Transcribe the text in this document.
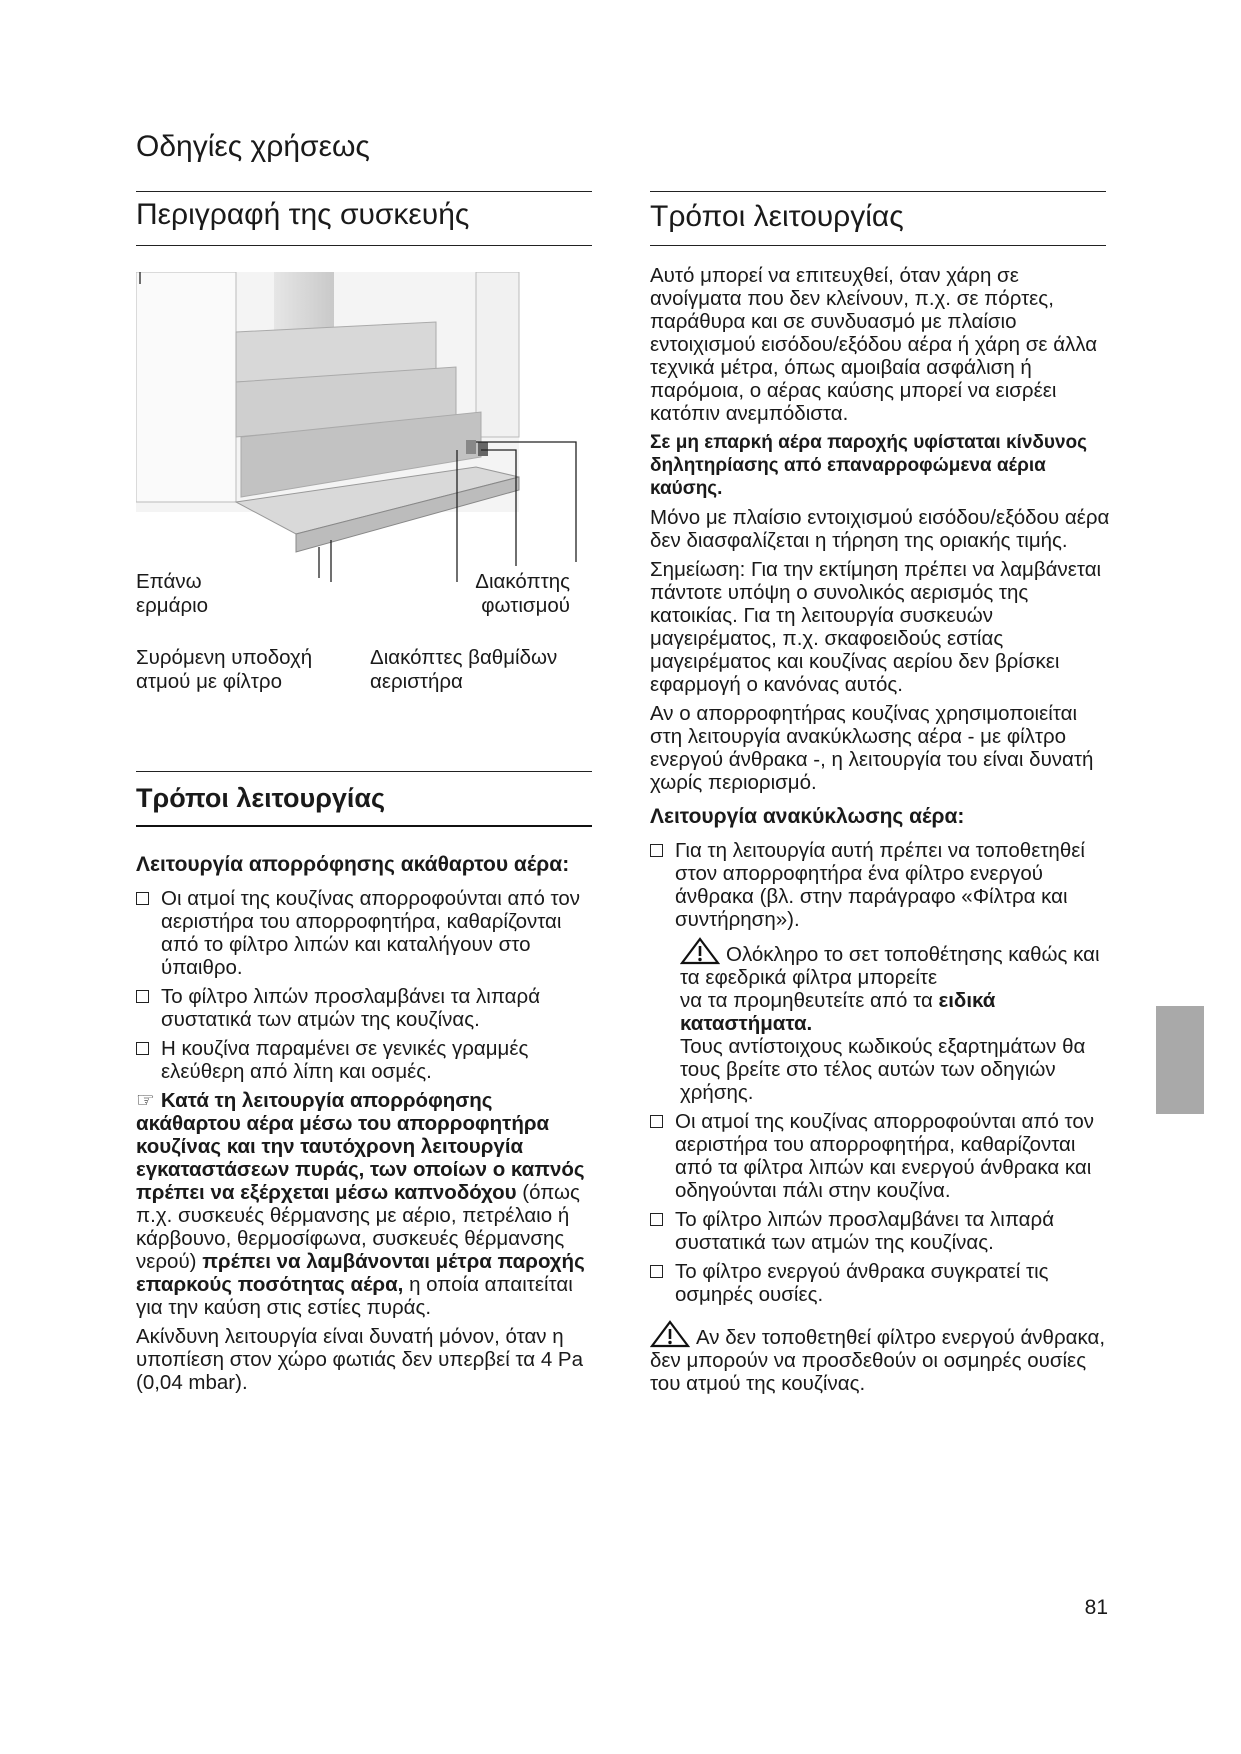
Οδηγίες χρήσεως
Περιγραφή της συσκευής
Επάνω
ερμάριο
Διακόπτης
φωτισμού
Συρόμενη υποδοχή
ατμού με φίλτρο
Διακόπτες βαθμίδων
αεριστήρα
Τρόποι λειτουργίας
Λειτουργία απορρόφησης ακάθαρτου αέρα:
Οι ατμοί της κουζίνας απορροφούνται από τον αεριστήρα του απορροφητήρα, καθαρίζονται από το φίλτρο λιπών και καταλήγουν στο ύπαιθρο.
Το φίλτρο λιπών προσλαμβάνει τα λιπαρά συστατικά των ατμών της κουζίνας.
Η κουζίνα παραμένει σε γενικές γραμμές ελεύθερη από λίπη και οσμές.

☞ Κατά τη λειτουργία απορρόφησης ακάθαρτου αέρα μέσω του απορροφητήρα κουζίνας και την ταυτόχρονη λειτουργία εγκαταστάσεων πυράς, των οποίων ο καπνός πρέπει να εξέρχεται μέσω καπνοδόχου (όπως π.χ. συσκευές θέρμανσης με αέριο, πετρέλαιο ή κάρβουνο, θερμοσίφωνα, συσκευές θέρμανσης νερού) πρέπει να λαμβάνονται μέτρα παροχής επαρκούς ποσότητας αέρα, η οποία απαιτείται για την καύση στις εστίες πυράς.

Ακίνδυνη λειτουργία είναι δυνατή μόνον, όταν η υποπίεση στον χώρο φωτιάς δεν υπερβεί τα 4 Pa (0,04 mbar).

Τρόποι λειτουργίας

Αυτό μπορεί να επιτευχθεί, όταν χάρη σε ανοίγματα που δεν κλείνουν, π.χ. σε πόρτες, παράθυρα και σε συνδυασμό με πλαίσιο εντοιχισμού εισόδου/εξόδου αέρα ή χάρη σε άλλα τεχνικά μέτρα, όπως αμοιβαία ασφάλιση ή παρόμοια, ο αέρας καύσης μπορεί να εισρέει κατόπιν ανεμπόδιστα.

Σε μη επαρκή αέρα παροχής υφίσταται κίνδυνος δηλητηρίασης από επαναρροφώμενα αέρια καύσης.

Μόνο με πλαίσιο εντοιχισμού εισόδου/εξόδου αέρα δεν διασφαλίζεται η τήρηση της οριακής τιμής.

Σημείωση: Για την εκτίμηση πρέπει να λαμβάνεται πάντοτε υπόψη ο συνολικός αερισμός της κατοικίας. Για τη λειτουργία συσκευών μαγειρέματος, π.χ. σκαφοειδούς εστίας μαγειρέματος και κουζίνας αερίου δεν βρίσκει εφαρμογή ο κανόνας αυτός.

Αν ο απορροφητήρας κουζίνας χρησιμοποιείται στη λειτουργία ανακύκλωσης αέρα - με φίλτρο ενεργού άνθρακα -, η λειτουργία του είναι δυνατή χωρίς περιορισμό.

Λειτουργία ανακύκλωσης αέρα:
Για τη λειτουργία αυτή πρέπει να τοποθετηθεί στον απορροφητήρα ένα φίλτρο ενεργού άνθρακα (βλ. στην παράγραφο «Φίλτρα και συντήρηση»).
Ολόκληρο το σετ τοποθέτησης καθώς και τα εφεδρικά φίλτρα μπορείτε
να τα προμηθευτείτε από τα ειδικά καταστήματα.
Τους αντίστοιχους κωδικούς εξαρτημάτων θα τους βρείτε στο τέλος αυτών των οδηγιών χρήσης.
Οι ατμοί της κουζίνας απορροφούνται από τον αεριστήρα του απορροφητήρα, καθαρίζονται από τα φίλτρα λιπών και ενεργού άνθρακα και οδηγούνται πάλι στην κουζίνα.
Το φίλτρο λιπών προσλαμβάνει τα λιπαρά συστατικά των ατμών της κουζίνας.
Το φίλτρο ενεργού άνθρακα συγκρατεί τις οσμηρές ουσίες.

Αν δεν τοποθετηθεί φίλτρο ενεργού άνθρακα, δεν μπορούν να προσδεθούν οι οσμηρές ουσίες του ατμού της κουζίνας.

81
